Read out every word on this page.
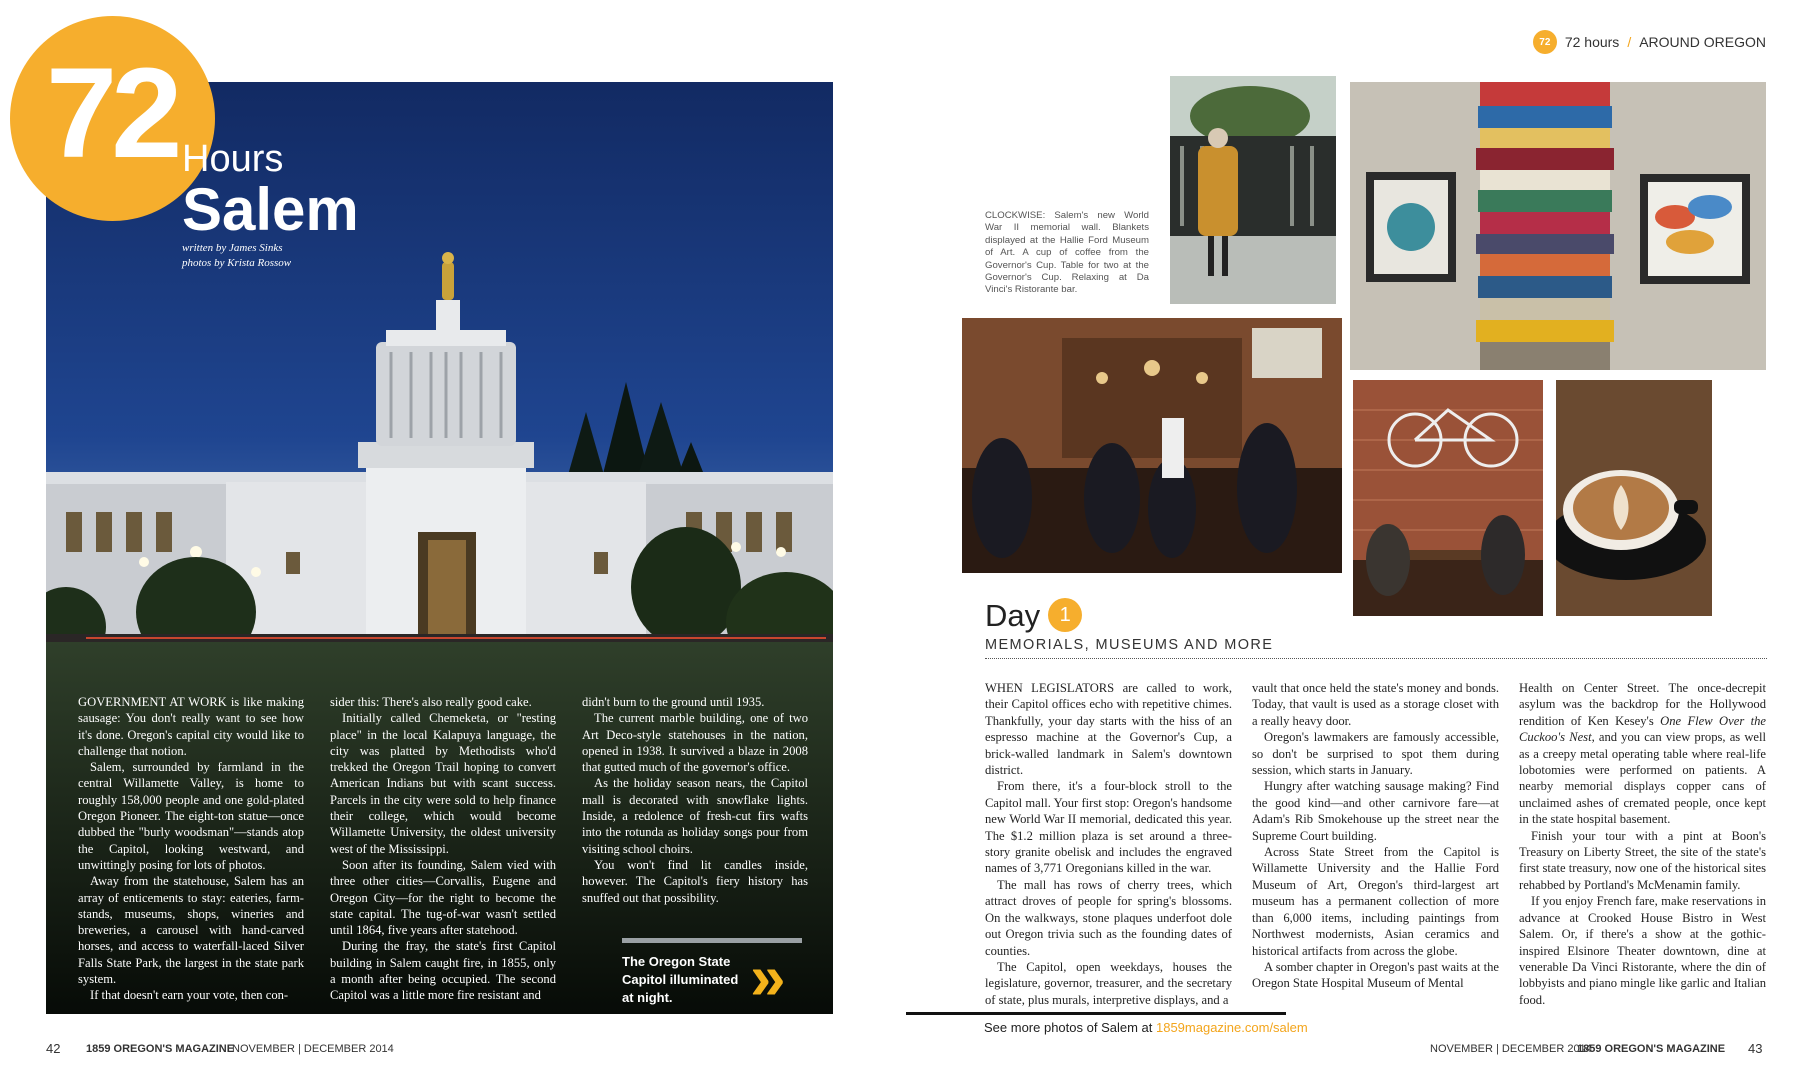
72 Hours
Salem
written by James Sinks
photos by Krista Rossow

GOVERNMENT AT WORK is like making sausage: You don't really want to see how it's done. Oregon's capital city would like to challenge that notion.

Salem, surrounded by farmland in the central Willamette Valley, is home to roughly 158,000 people and one gold-plated Oregon Pioneer. The eight-ton statue—once dubbed the "burly woodsman"—stands atop the Capitol, looking westward, and unwittingly posing for lots of photos.

Away from the statehouse, Salem has an array of enticements to stay: eateries, farm-stands, museums, shops, wineries and breweries, a carousel with hand-carved horses, and access to waterfall-laced Silver Falls State Park, the largest in the state park system.

If that doesn't earn your vote, then con-

sider this: There's also really good cake.

Initially called Chemeketa, or "resting place" in the local Kalapuya language, the city was platted by Methodists who'd trekked the Oregon Trail hoping to convert American Indians but with scant success. Parcels in the city were sold to help finance their college, which would become Willamette University, the oldest university west of the Mississippi.

Soon after its founding, Salem vied with three other cities—Corvallis, Eugene and Oregon City—for the right to become the state capital. The tug-of-war wasn't settled until 1864, five years after statehood.

During the fray, the state's first Capitol building in Salem caught fire, in 1855, only a month after being occupied. The second Capitol was a little more fire resistant and

didn't burn to the ground until 1935.

The current marble building, one of two Art Deco-style statehouses in the nation, opened in 1938. It survived a blaze in 2008 that gutted much of the governor's office.

As the holiday season nears, the Capitol mall is decorated with snowflake lights. Inside, a redolence of fresh-cut firs wafts into the rotunda as holiday songs pour from visiting school choirs.

You won't find lit candles inside, however. The Capitol's fiery history has snuffed out that possibility.

The Oregon State Capitol illuminated at night.	»
42 1859 OREGON'S MAGAZINE
NOVEMBER | DECEMBER 2014
72	72 hours / AROUND OREGON
CLOCKWISE: Salem's new World War II memorial wall. Blankets displayed at the Hallie Ford Museum of Art. A cup of coffee from the Governor's Cup. Table for two at the Governor's Cup. Relaxing at Da Vinci's Ristorante bar.
Day 1
MEMORIALS, MUSEUMS AND MORE

WHEN LEGISLATORS are called to work, their Capitol offices echo with repetitive chimes. Thankfully, your day starts with the hiss of an espresso machine at the Governor's Cup, a brick-walled landmark in Salem's downtown district.

From there, it's a four-block stroll to the Capitol mall. Your first stop: Oregon's handsome new World War II memorial, dedicated this year. The $1.2 million plaza is set around a three-story granite obelisk and includes the engraved names of 3,771 Oregonians killed in the war.

The mall has rows of cherry trees, which attract droves of people for spring's blossoms. On the walkways, stone plaques underfoot dole out Oregon trivia such as the founding dates of counties.

The Capitol, open weekdays, houses the legislature, governor, treasurer, and the secretary of state, plus murals, interpretive displays, and a

vault that once held the state's money and bonds. Today, that vault is used as a storage closet with a really heavy door.

Oregon's lawmakers are famously accessible, so don't be surprised to spot them during session, which starts in January.

Hungry after watching sausage making? Find the good kind—and other carnivore fare—at Adam's Rib Smokehouse up the street near the Supreme Court building.

Across State Street from the Capitol is Willamette University and the Hallie Ford Museum of Art, Oregon's third-largest art museum has a permanent collection of more than 6,000 items, including paintings from Northwest modernists, Asian ceramics and historical artifacts from across the globe.

A somber chapter in Oregon's past waits at the Oregon State Hospital Museum of Mental

Health on Center Street. The once-decrepit asylum was the backdrop for the Hollywood rendition of Ken Kesey's One Flew Over the Cuckoo's Nest, and you can view props, as well as a creepy metal operating table where real-life lobotomies were performed on patients. A nearby memorial displays copper cans of unclaimed ashes of cremated people, once kept in the state hospital basement.

Finish your tour with a pint at Boon's Treasury on Liberty Street, the site of the state's first state treasury, now one of the historical sites rehabbed by Portland's McMenamin family.

If you enjoy French fare, make reservations in advance at Crooked House Bistro in West Salem. Or, if there's a show at the gothic-inspired Elsinore Theater downtown, dine at venerable Da Vinci Ristorante, where the din of lobbyists and piano mingle like garlic and Italian food.

See more photos of Salem at 1859magazine.com/salem
NOVEMBER | DECEMBER 2014
1859 OREGON'S MAGAZINE 43
